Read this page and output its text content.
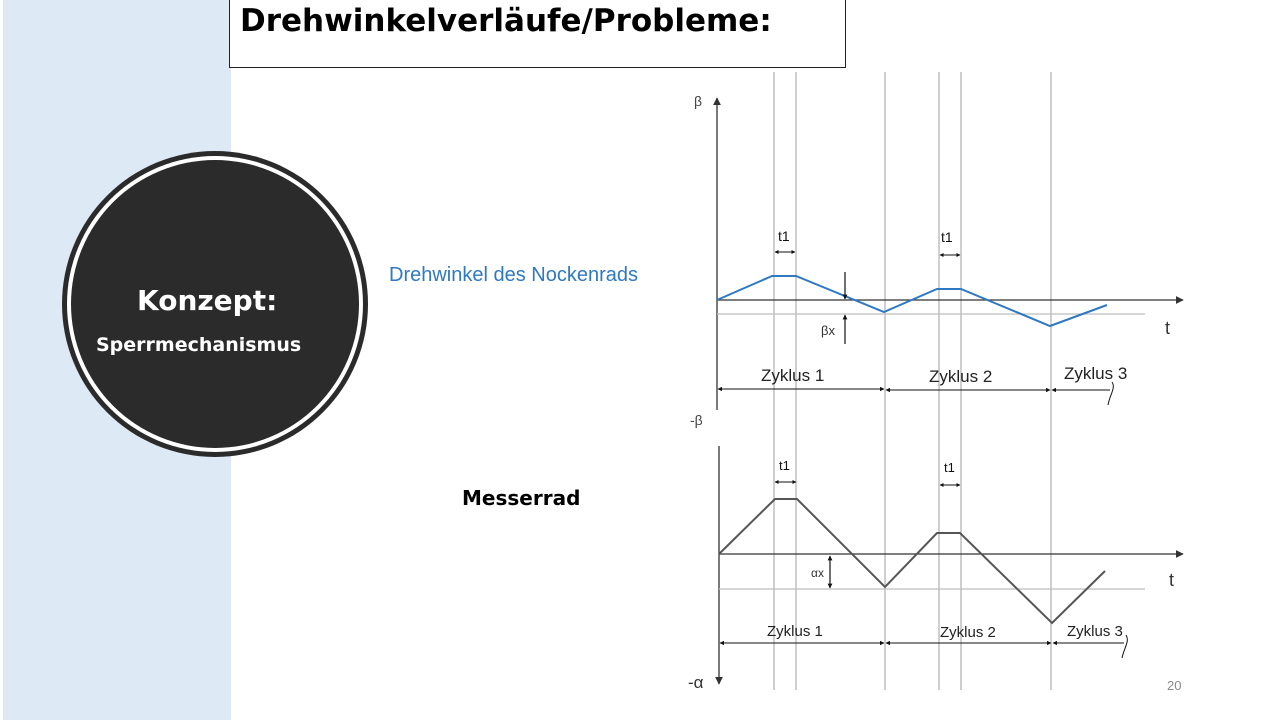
Drehwinkelverläufe/Probleme:
Konzept:
Sperrmechanismus
Drehwinkel des Nockenrads
Messerrad
β
-β
t
t1	t1
βx
Zyklus 1	Zyklus 2	Zyklus 3
-α
t
t1	t1
αx
Zyklus 1	Zyklus 2	Zyklus 3
20
